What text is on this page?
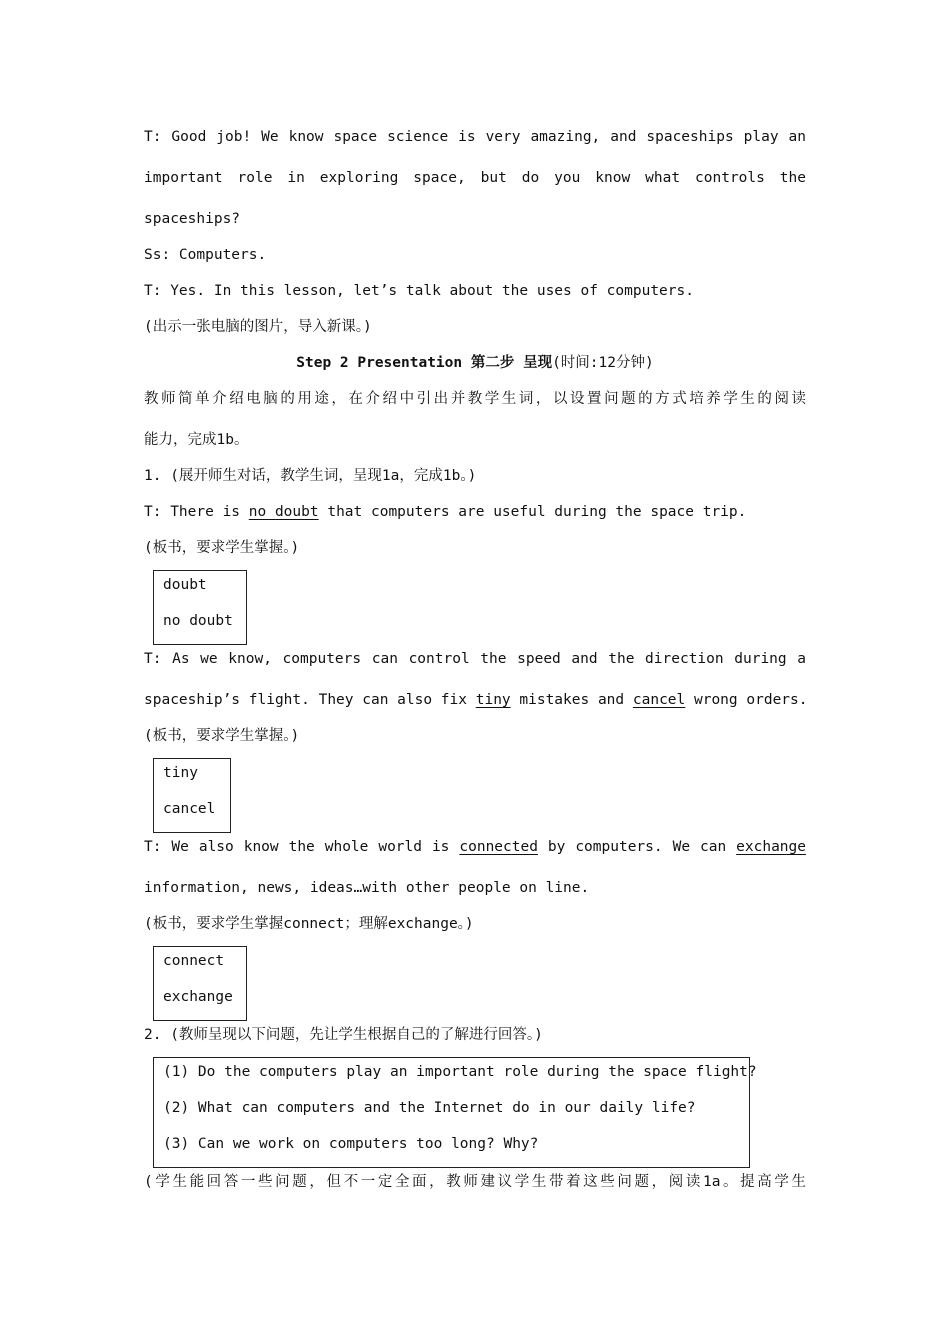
T: Good job! We know space science is very amazing, and spaceships play an
important role in exploring space, but do you know what controls the
spaceships?
Ss: Computers.
T: Yes. In this lesson, let’s talk about the uses of computers.
(出示一张电脑的图片，导入新课。)
Step 2 Presentation 第二步 呈现(时间:12分钟)
教师简单介绍电脑的用途，在介绍中引出并教学生词，以设置问题的方式培养学生的阅读
能力，完成1b。
1. (展开师生对话，教学生词，呈现1a，完成1b。)
T: There is no doubt that computers are useful during the space trip.
(板书，要求学生掌握。)
doubt
no doubt
T: As we know, computers can control the speed and the direction during a
spaceship’s flight. They can also fix tiny mistakes and cancel wrong orders.
(板书，要求学生掌握。)
tiny
cancel
T: We also know the whole world is connected by computers. We can exchange
information, news, ideas…with other people on line.
(板书，要求学生掌握connect；理解exchange。)
connect
exchange
2. (教师呈现以下问题，先让学生根据自己的了解进行回答。)
(1) Do the computers play an important role during the space flight?
(2) What can computers and the Internet do in our daily life?
(3) Can we work on computers too long? Why?
(学生能回答一些问题，但不一定全面，教师建议学生带着这些问题，阅读1a。提高学生
